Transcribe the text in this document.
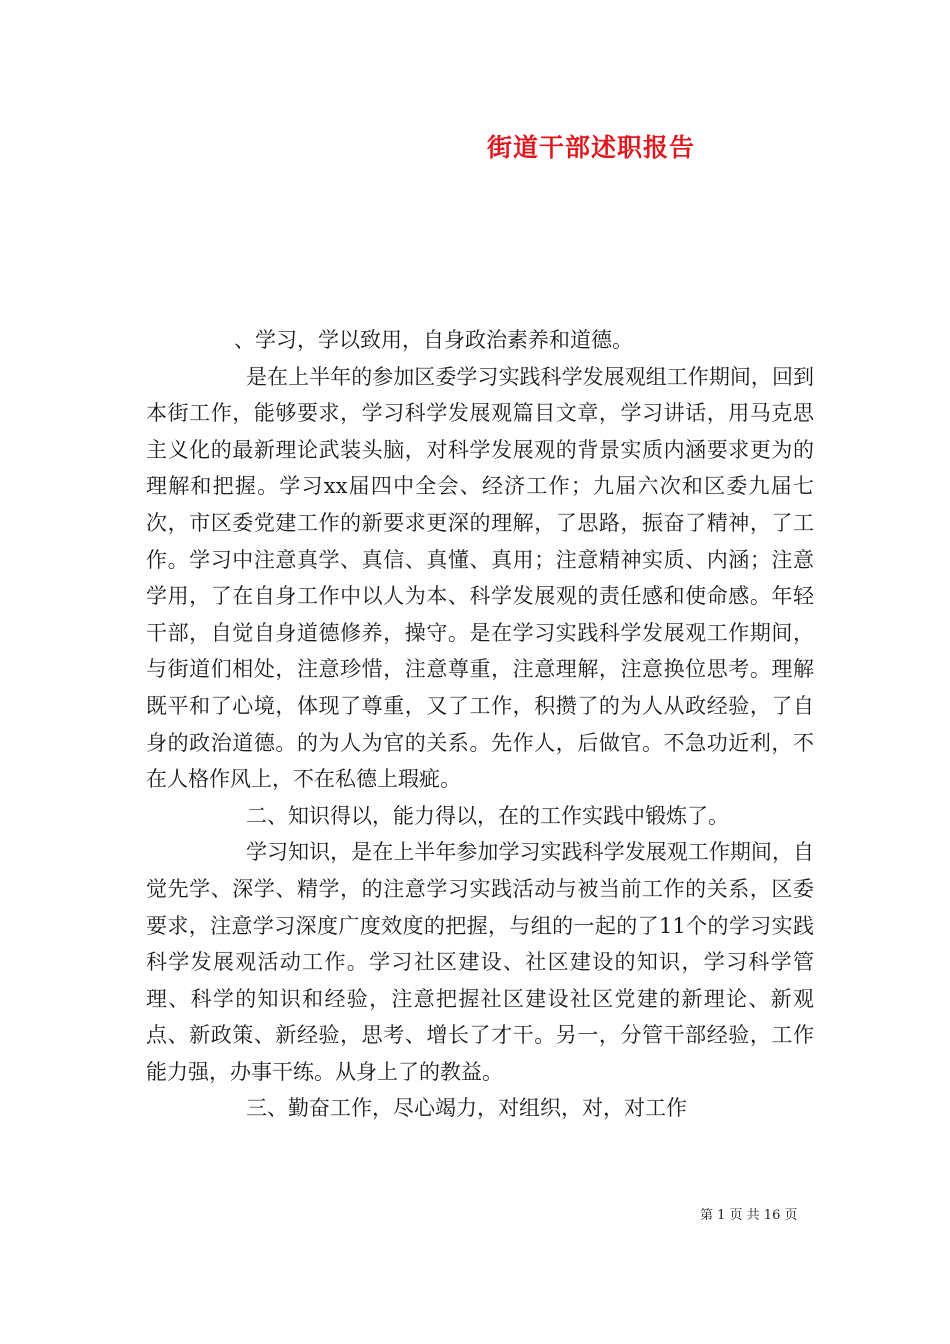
街道干部述职报告

、学习，学以致用，自身政治素养和道德。

是在上半年的参加区委学习实践科学发展观组工作期间，回到本街工作，能够要求，学习科学发展观篇目文章，学习讲话，用马克思主义化的最新理论武装头脑，对科学发展观的背景实质内涵要求更为的理解和把握。学习xx届四中全会、经济工作；九届六次和区委九届七次，市区委党建工作的新要求更深的理解，了思路，振奋了精神，了工作。学习中注意真学、真信、真懂、真用；注意精神实质、内涵；注意学用，了在自身工作中以人为本、科学发展观的责任感和使命感。年轻干部，自觉自身道德修养，操守。是在学习实践科学发展观工作期间，与街道们相处，注意珍惜，注意尊重，注意理解，注意换位思考。理解既平和了心境，体现了尊重，又了工作，积攒了的为人从政经验，了自身的政治道德。的为人为官的关系。先作人，后做官。不急功近利，不在人格作风上，不在私德上瑕疵。

二、知识得以，能力得以，在的工作实践中锻炼了。

学习知识，是在上半年参加学习实践科学发展观工作期间，自觉先学、深学、精学，的注意学习实践活动与被当前工作的关系，区委要求，注意学习深度广度效度的把握，与组的一起的了11个的学习实践科学发展观活动工作。学习社区建设、社区建设的知识，学习科学管理、科学的知识和经验，注意把握社区建设社区党建的新理论、新观点、新政策、新经验，思考、增长了才干。另一，分管干部经验，工作能力强，办事干练。从身上了的教益。

三、勤奋工作，尽心竭力，对组织，对，对工作

第 1 页 共 16 页
